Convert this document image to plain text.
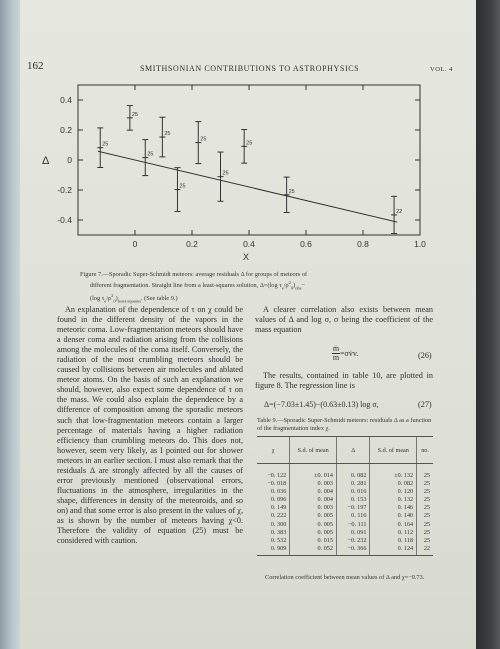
162	SMITHSONIAN CONTRIBUTIONS TO ASTROPHYSICS	VOL. 4
0.4
0.2
0
-0.2
-0.4
0	0.2	0.4	0.6	0.8	1.0
25
25
25
25
25
25
25
25
25
22
Δ
X
Figure 7.—Sporadic Super-Schmidt meteors: average residuals Δ for groups of meteors of
different fragmentation. Straight line from a least-squares solution, Δ=(log $\tau_e/\rho^2_0)_{obs}-$
(log $\tau_e/\rho^2_0)_{least-squares}$. (See table 9.)

An explanation of the dependence of τ on χ could be found in the different density of the vapors in the meteoric coma. Low-fragmentation meteors should have a denser coma and radiation arising from the collisions among the molecules of the coma itself. Conversely, the radiation of the most crumbling meteors should be caused by collisions between air molecules and ablated meteor atoms. On the basis of such an explanation we should, however, also expect some dependence of τ on the mass. We could also explain the dependence by a difference of composition among the sporadic meteors such that low-fragmentation meteors contain a larger percentage of materials having a higher radiation efficiency than crumbling meteors do. This does not, however, seem very likely, as I pointed out for shower meteors in an earlier section. I must also remark that the residuals Δ are strongly affected by all the causes of error previously mentioned (observational errors, fluctuations in the atmosphere, irregularities in the shape, differences in density of the meteoroids, and so on) and that some error is also present in the values of χ, as is shown by the number of meteors having χ<0. Therefore the validity of equation (25) must be considered with caution.

A clearer correlation also exists between mean values of Δ and log σ, σ being the coefficient of the mass equation

$\frac{\text{ṁ}}{m}$ =σv̇v.	(26)

The results, contained in table 10, are plotted in figure 8. The regression line is

Δ=(−7.03±1.45)−(0.63±0.13) log σ,	(27)
Table 9.—Sporadic Super-Schmidt meteors: residuals Δ as a function of the fragmentation index χ.
χ	S.d. of mean	Δ	S.d. of mean	no.
−0. 122	±0. 014	0. 082	±0. 132	25
−0. 018	0. 003	0. 281	0. 082	25
0. 036	0. 004	0. 016	0. 120	25
0. 096	0. 004	0. 153	0. 132	25
0. 149	0. 003	−0. 197	0. 146	25
0. 222	0. 005	0. 116	0. 140	25
0. 300	0. 005	−0. 111	0. 164	25
0. 383	0. 005	0. 091	0. 112	25
0. 532	0. 015	−0. 232	0. 118	25
0. 909	0. 052	−0. 366	0. 124	22
Correlation coefficient between mean values of Δ and χ=−0.73.
